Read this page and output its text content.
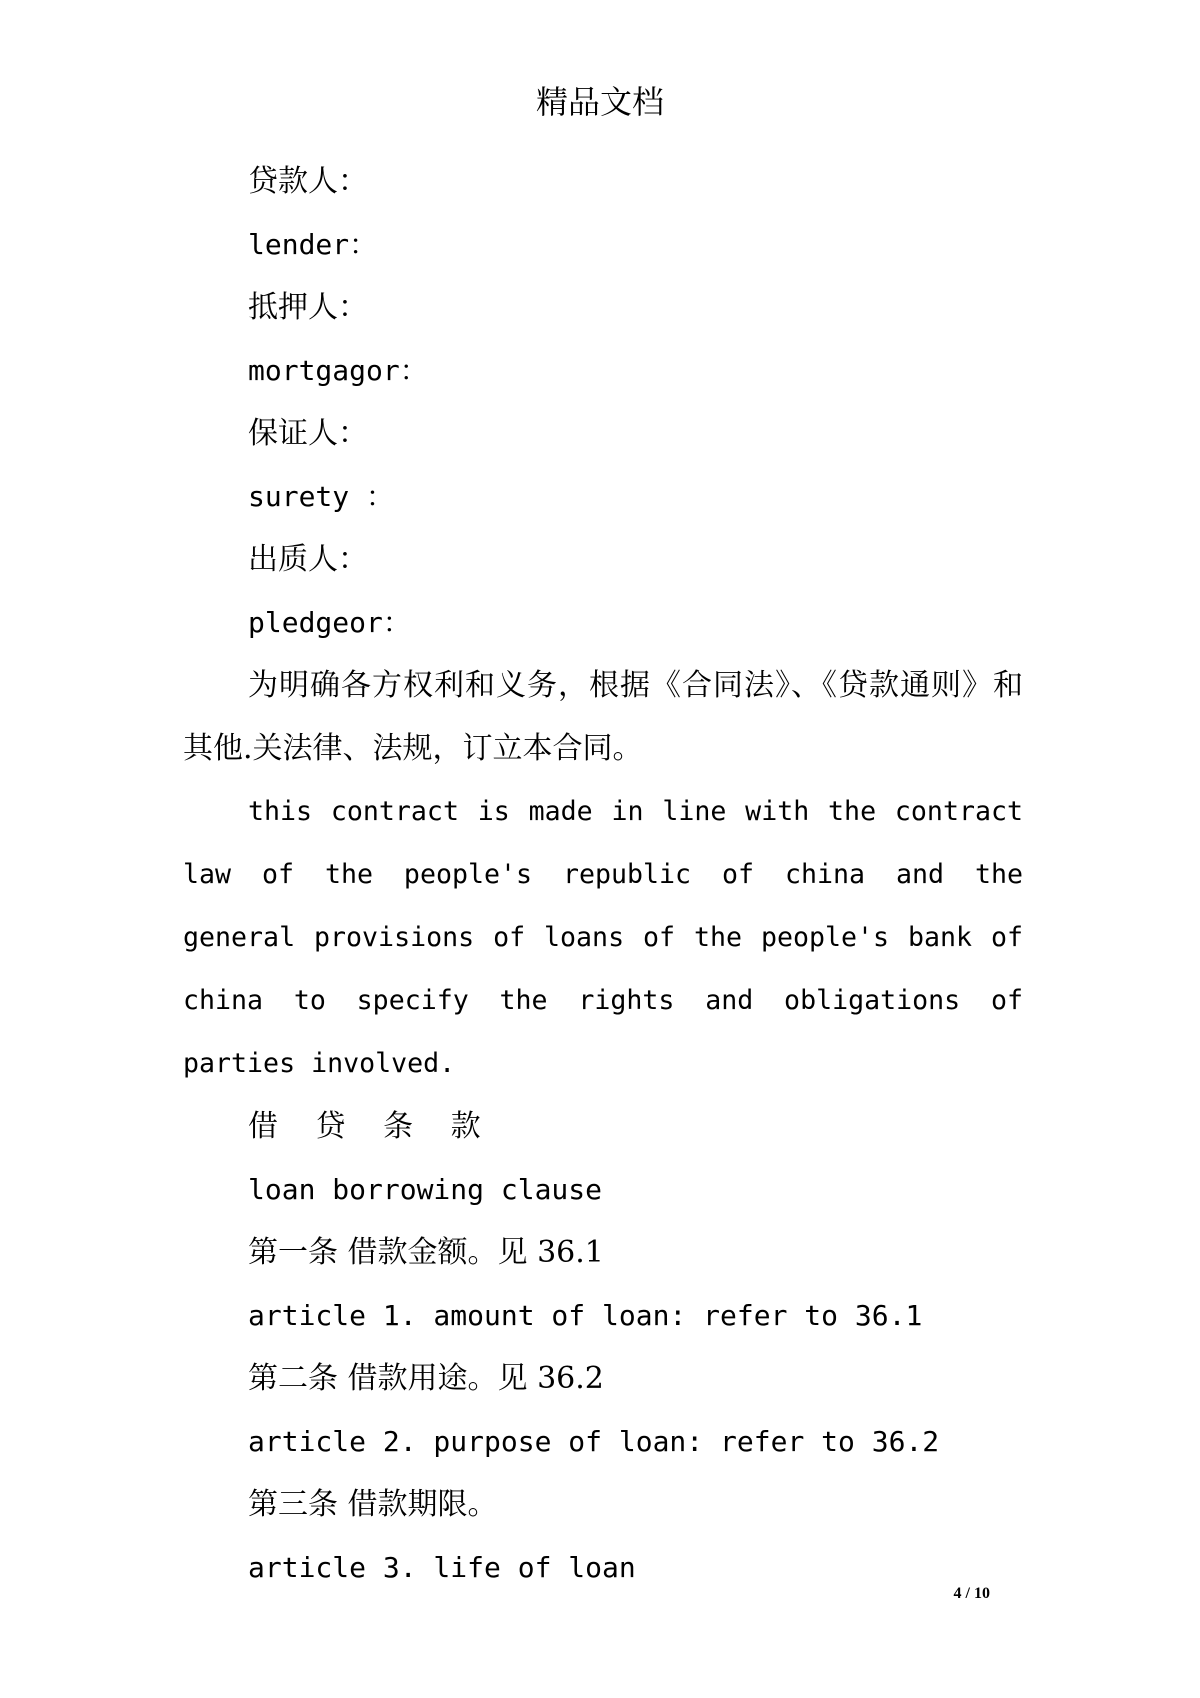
精品文档
贷款人：
lender：
抵押人：
mortgagor：
保证人：
surety ：
出质人：
pledgeor：

为明确各方权利和义务，根据《合同法》、《贷款通则》和其他.关法律、法规，订立本合同。

this contract is made in line with the contract law of the people's republic of china and the general provisions of loans of the people's bank of china to specify the rights and obligations of parties involved.

借 贷 条 款
loan borrowing clause
第一条 借款金额。见 36.1
article 1. amount of loan: refer to 36.1
第二条 借款用途。见 36.2
article 2. purpose of loan: refer to 36.2
第三条 借款期限。
article 3. life of loan
4 / 10
